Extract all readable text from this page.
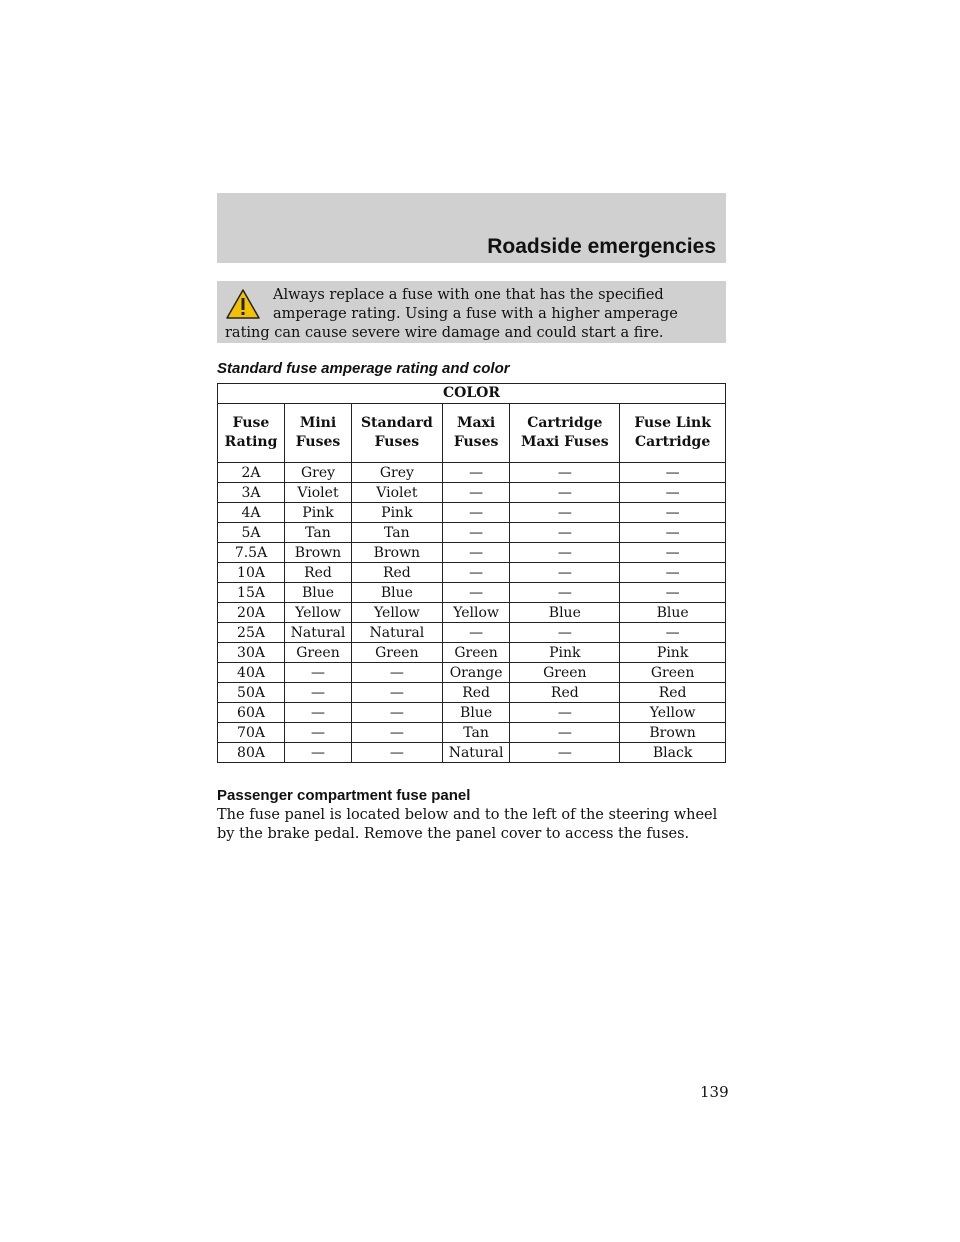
Roadside emergencies
Always replace a fuse with one that has the specified amperage rating. Using a fuse with a higher amperage rating can cause severe wire damage and could start a fire.
Standard fuse amperage rating and color
COLOR					
Fuse Rating	Mini Fuses	Standard Fuses	Maxi Fuses	Cartridge Maxi Fuses	Fuse Link Cartridge
2A	Grey	Grey	—	—	—
3A	Violet	Violet	—	—	—
4A	Pink	Pink	—	—	—
5A	Tan	Tan	—	—	—
7.5A	Brown	Brown	—	—	—
10A	Red	Red	—	—	—
15A	Blue	Blue	—	—	—
20A	Yellow	Yellow	Yellow	Blue	Blue
25A	Natural	Natural	—	—	—
30A	Green	Green	Green	Pink	Pink
40A	—	—	Orange	Green	Green
50A	—	—	Red	Red	Red
60A	—	—	Blue	—	Yellow
70A	—	—	Tan	—	Brown
80A	—	—	Natural	—	Black
Passenger compartment fuse panel
The fuse panel is located below and to the left of the steering wheel by the brake pedal. Remove the panel cover to access the fuses.
139
